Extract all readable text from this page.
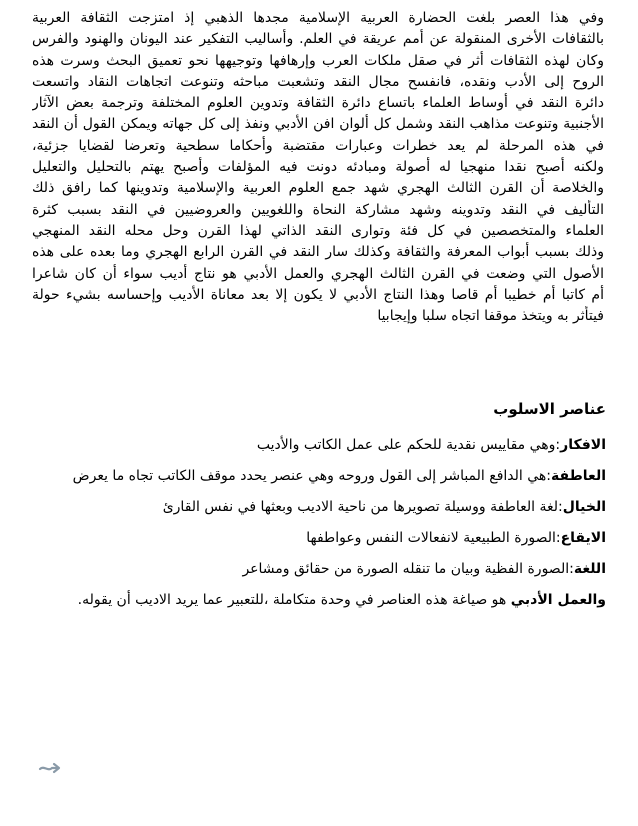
وفي هذا العصر بلغت الحضارة العربية الإسلامية مجدها الذهبي إذ امتزجت الثقافة العربية
بالثقافات الأخرى المنقولة عن أمم عريقة في العلم. وأساليب التفكير عند اليونان والهنود والفرس
وكان لهذه الثقافات أثر في صقل ملكات العرب وإرهافها وتوجيهها نحو تعميق البحث وسرت هذه
الروح إلى الأدب ونقده، فانفسح مجال النقد وتشعبت مباحثه وتنوعت اتجاهات النقاد واتسعت
دائرة النقد في أوساط العلماء باتساع دائرة الثقافة وتدوين العلوم المختلفة وترجمة بعض الآثار
الأجنبية وتنوعت مذاهب النقد وشمل كل ألوان افن الأدبي ونفذ إلى كل جهاته ويمكن القول أن النقد
في هذه المرحلة لم يعد خطرات وعبارات مقتضبة وأحكاما سطحية وتعرضا لقضايا جزئية،
ولكنه أصبح نقدا منهجيا له أصولة ومبادئه دونت فيه المؤلفات وأصبح يهتم بالتحليل والتعليل
والخلاصة أن القرن الثالث الهجري شهد جمع العلوم العربية والإسلامية وتدوينها كما رافق ذلك
التأليف في النقد وتدوينه وشهد مشاركة النحاة واللغويين والعروضيين في النقد بسبب كثرة
العلماء والمتخصصين في كل فئة وتوارى النقد الذاتي لهذا القرن وحل محله النقد المنهجي
وذلك بسبب أبواب المعرفة والثقافة وكذلك سار النقد في القرن الرابع الهجري وما بعده على هذه
الأصول التي وضعت في القرن الثالث الهجري والعمل الأدبي هو نتاج أديب سواء أن كان شاعرا
أم كاتبا أم خطيبا أم قاصا وهذا النتاج الأدبي لا يكون إلا بعد معاناة الأديب وإحساسه بشيء حولة
فيتأثر به ويتخذ موقفا اتجاه سلبا وإيجابيا
عناصر الاسلوب
الافكار:وهي مقاييس نقدية للحكم على عمل الكاتب والأديب
العاطفة:هي الدافع المباشر إلى القول وروحه وهي عنصر يحدد موقف الكاتب تجاه ما يعرض
الخيال:لغة العاطفة ووسيلة تصويرها من ناحية الاديب وبعثها في نفس القارئ
الايقاع:الصورة الطبيعية لانفعالات النفس وعواطفها
اللغة:الصورة الفظية وبيان ما تنقله الصورة من حقائق ومشاعر
والعمل الأدبي هو صياغة هذه العناصر في وحدة متكاملة ،للتعبير عما يريد الاديب أن يقوله.
